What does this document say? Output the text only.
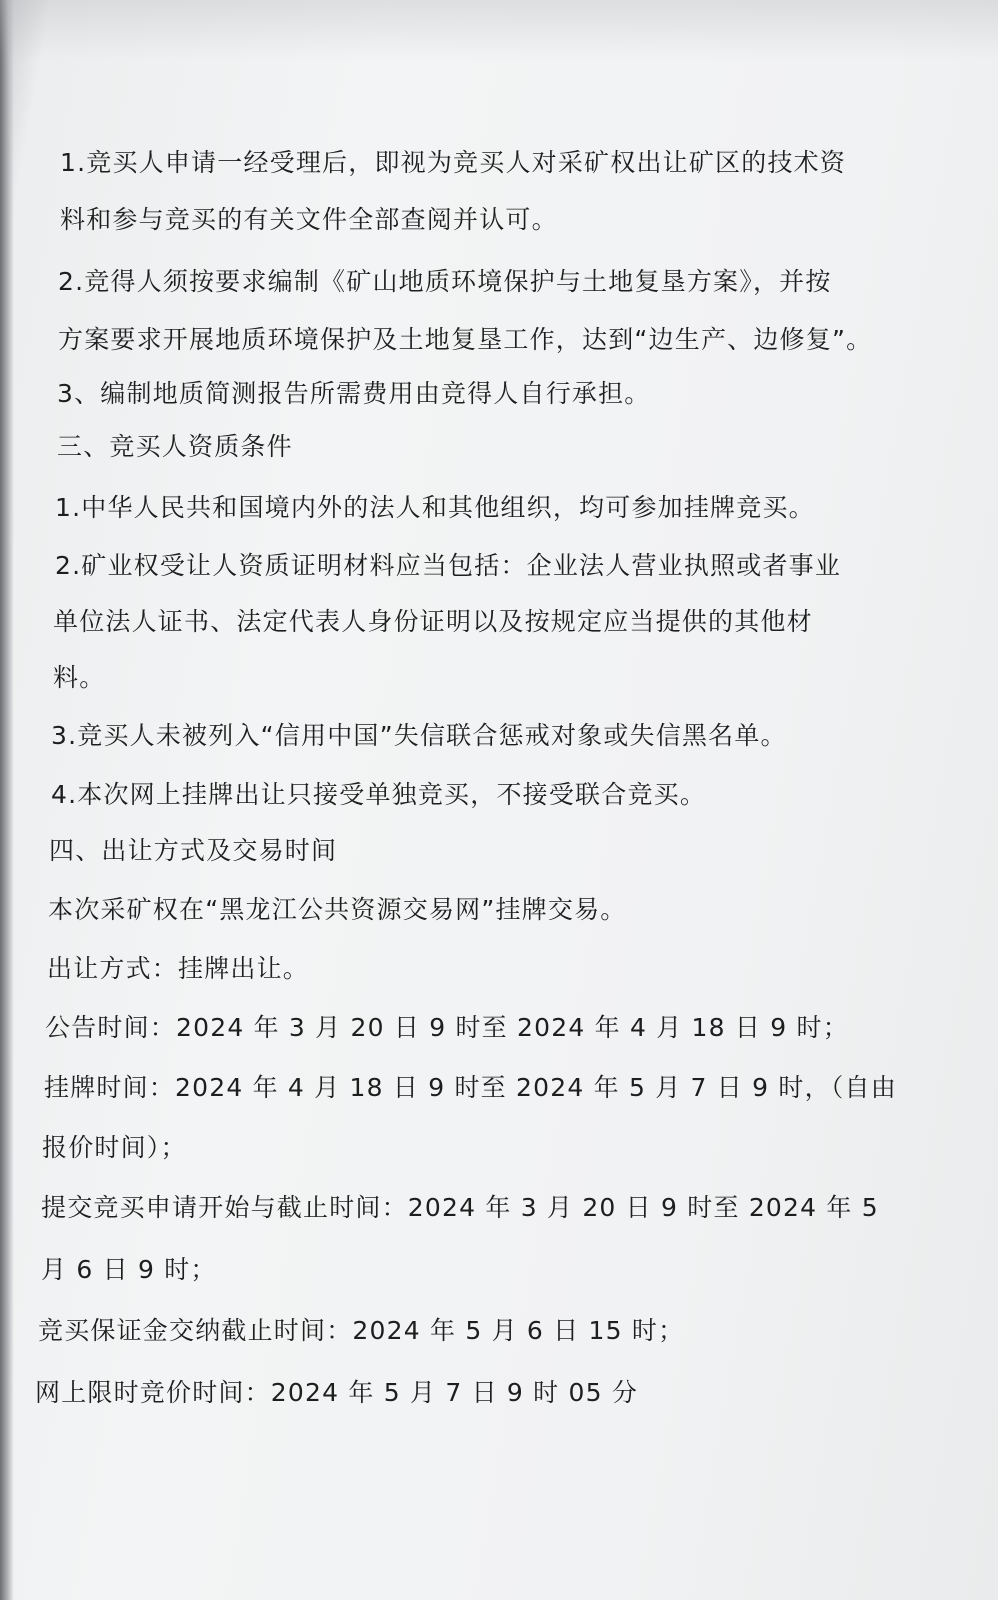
1.竞买人申请一经受理后，即视为竞买人对采矿权出让矿区的技术资
料和参与竞买的有关文件全部查阅并认可。
2.竞得人须按要求编制《矿山地质环境保护与土地复垦方案》，并按
方案要求开展地质环境保护及土地复垦工作，达到“边生产、边修复”。
3、编制地质简测报告所需费用由竞得人自行承担。
三、竞买人资质条件
1.中华人民共和国境内外的法人和其他组织，均可参加挂牌竞买。
2.矿业权受让人资质证明材料应当包括：企业法人营业执照或者事业
单位法人证书、法定代表人身份证明以及按规定应当提供的其他材
料。
3.竞买人未被列入“信用中国”失信联合惩戒对象或失信黑名单。
4.本次网上挂牌出让只接受单独竞买，不接受联合竞买。
四、出让方式及交易时间
本次采矿权在“黑龙江公共资源交易网”挂牌交易。
出让方式：挂牌出让。
公告时间：2024 年 3 月 20 日 9 时至 2024 年 4 月 18 日 9 时；
挂牌时间：2024 年 4 月 18 日 9 时至 2024 年 5 月 7 日 9 时，（自由
报价时间）；
提交竞买申请开始与截止时间：2024 年 3 月 20 日 9 时至 2024 年 5
月 6 日 9 时；
竞买保证金交纳截止时间：2024 年 5 月 6 日 15 时；
网上限时竞价时间：2024 年 5 月 7 日 9 时 05 分
